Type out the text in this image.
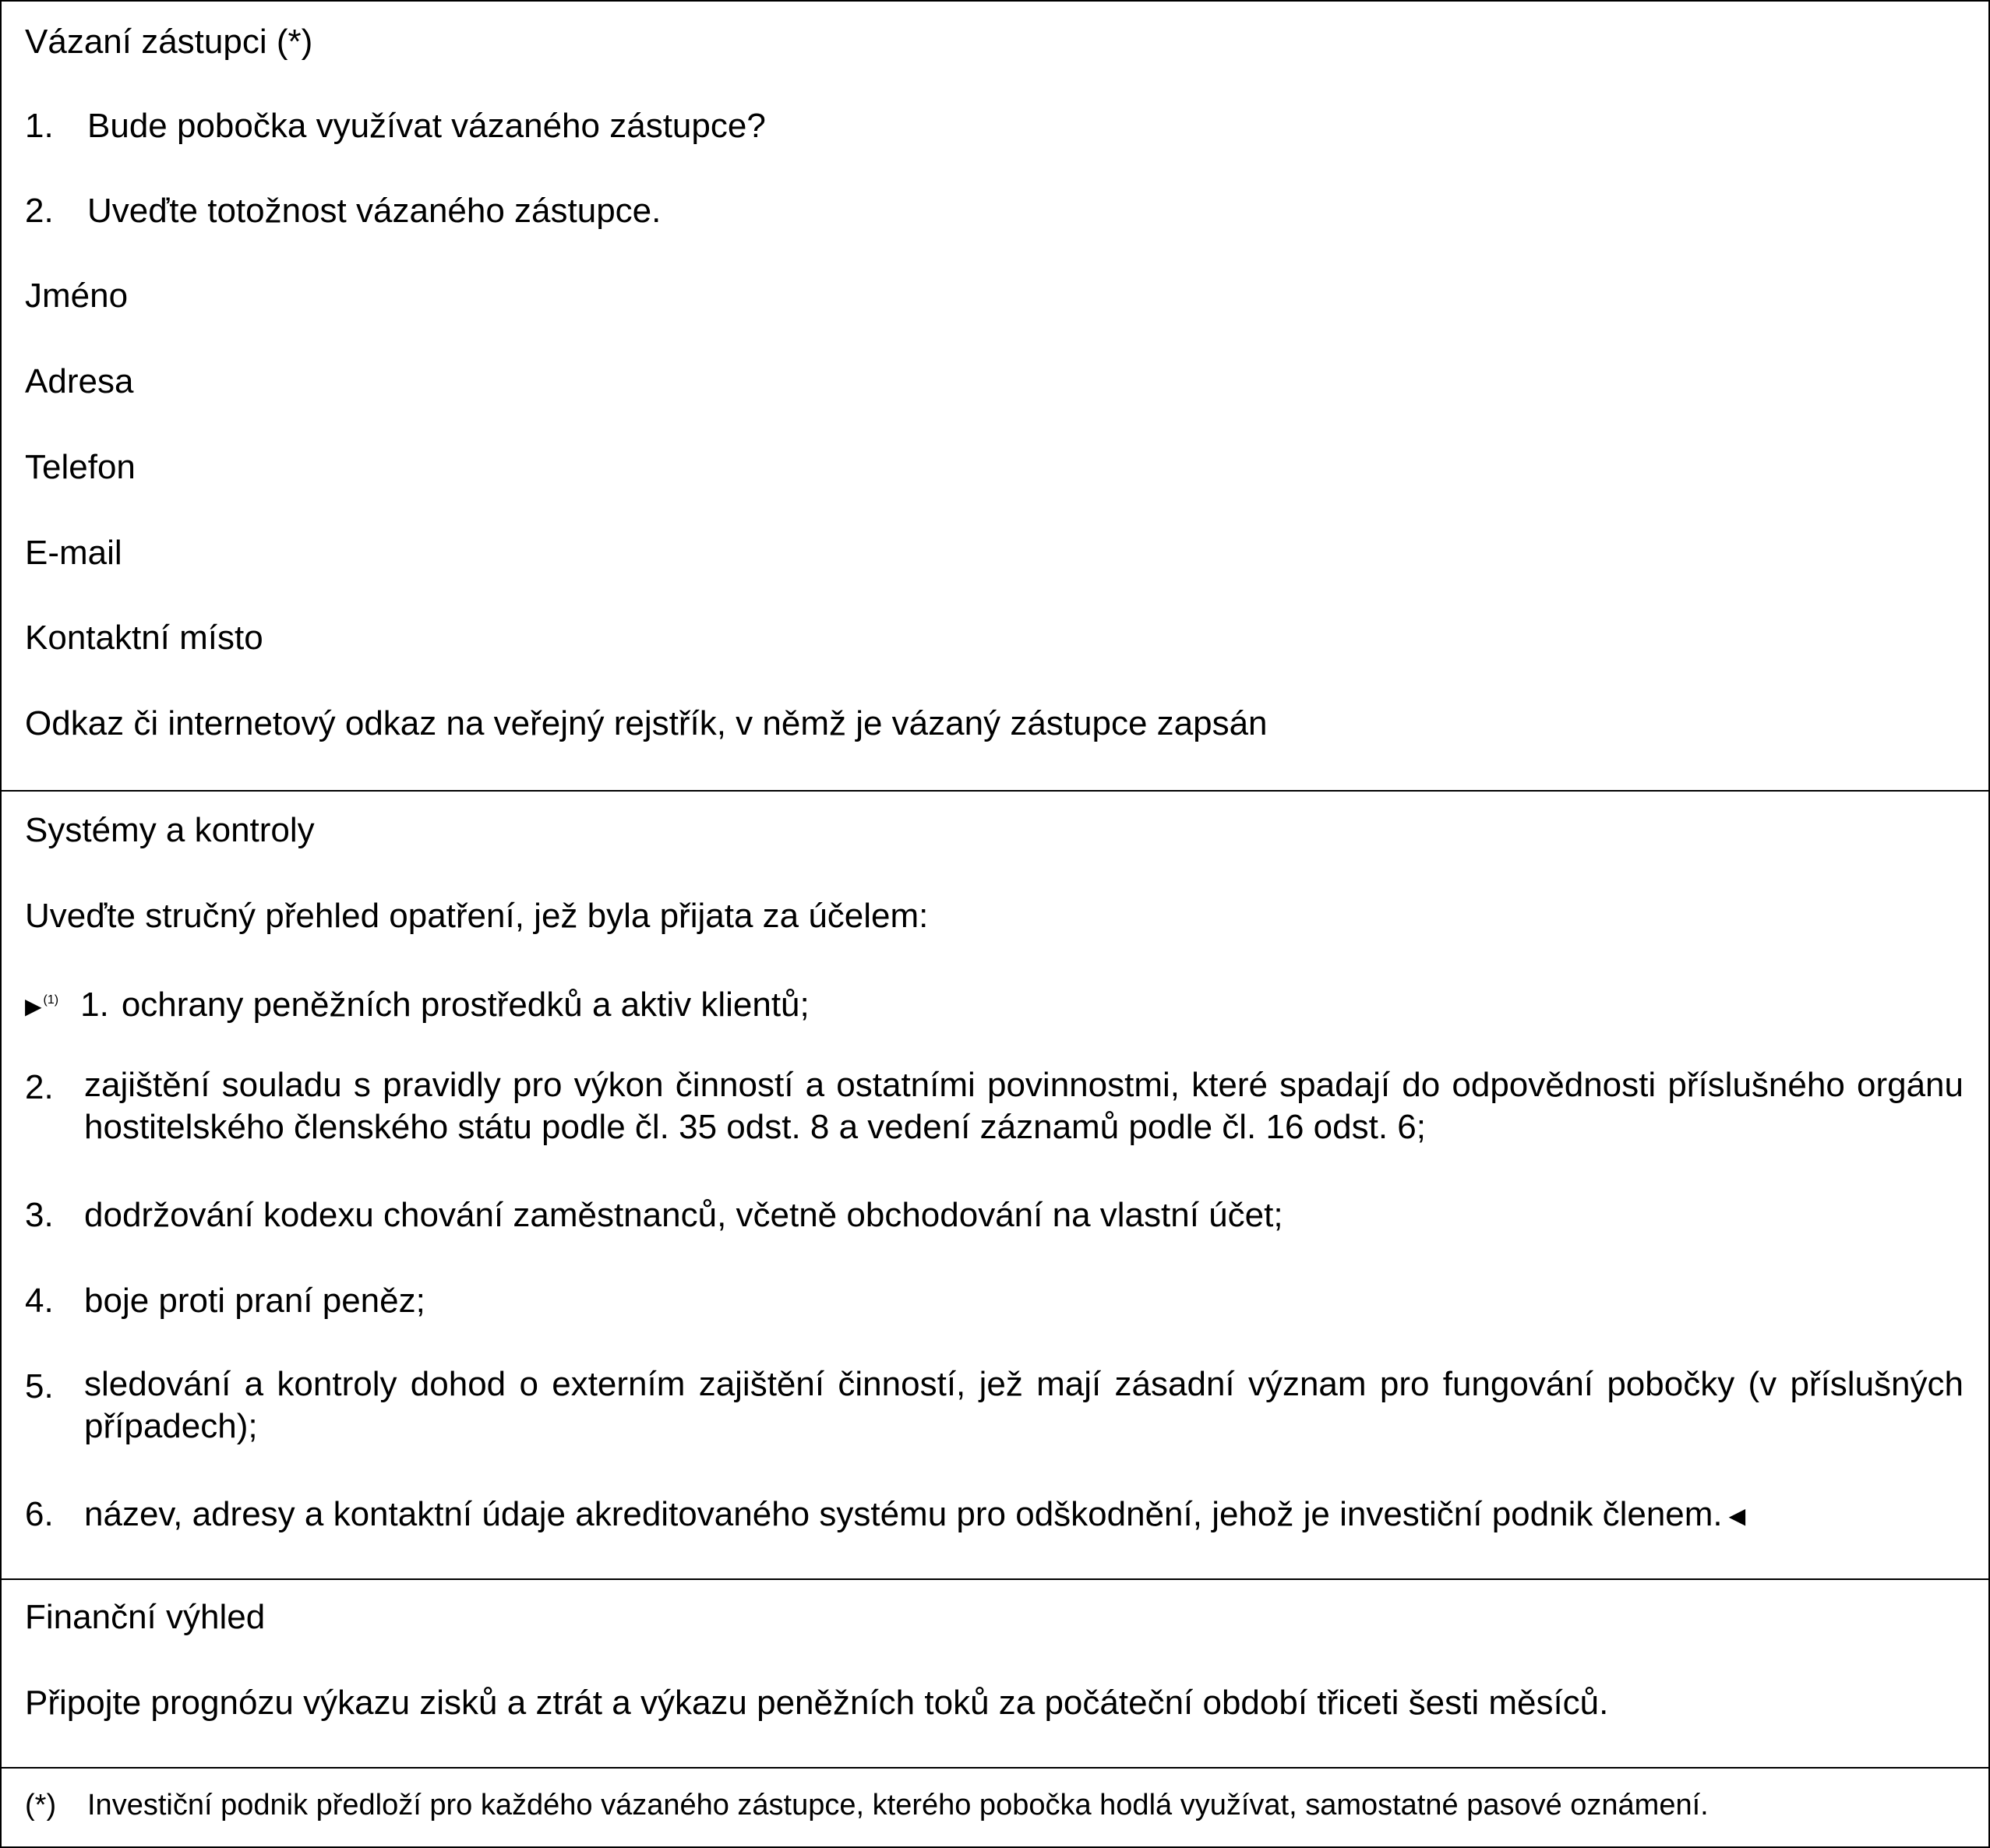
Vázaní zástupci (*)
1. Bude pobočka využívat vázaného zástupce?
2. Uveďte totožnost vázaného zástupce.
Jméno
Adresa
Telefon
E-mail
Kontaktní místo
Odkaz či internetový odkaz na veřejný rejstřík, v němž je vázaný zástupce zapsán
Systémy a kontroly
Uveďte stručný přehled opatření, jež byla přijata za účelem:
▶ $^{(1)}$ 1. ochrany peněžních prostředků a aktiv klientů;
2. zajištění souladu s pravidly pro výkon činností a ostatními povinnostmi, které spadají do odpovědnosti příslušného orgánu hostitelského členského státu podle čl. 35 odst. 8 a vedení záznamů podle čl. 16 odst. 6;
3. dodržování kodexu chování zaměstnanců, včetně obchodování na vlastní účet;
4. boje proti praní peněz;
5. sledování a kontroly dohod o externím zajištění činností, jež mají zásadní význam pro fungování pobočky (v příslušných případech);
6. název, adresy a kontaktní údaje akreditovaného systému pro odškodnění, jehož je investiční podnik členem. ◀
Finanční výhled
Připojte prognózu výkazu zisků a ztrát a výkazu peněžních toků za počáteční období třiceti šesti měsíců.
(*) Investiční podnik předloží pro každého vázaného zástupce, kterého pobočka hodlá využívat, samostatné pasové oznámení.
